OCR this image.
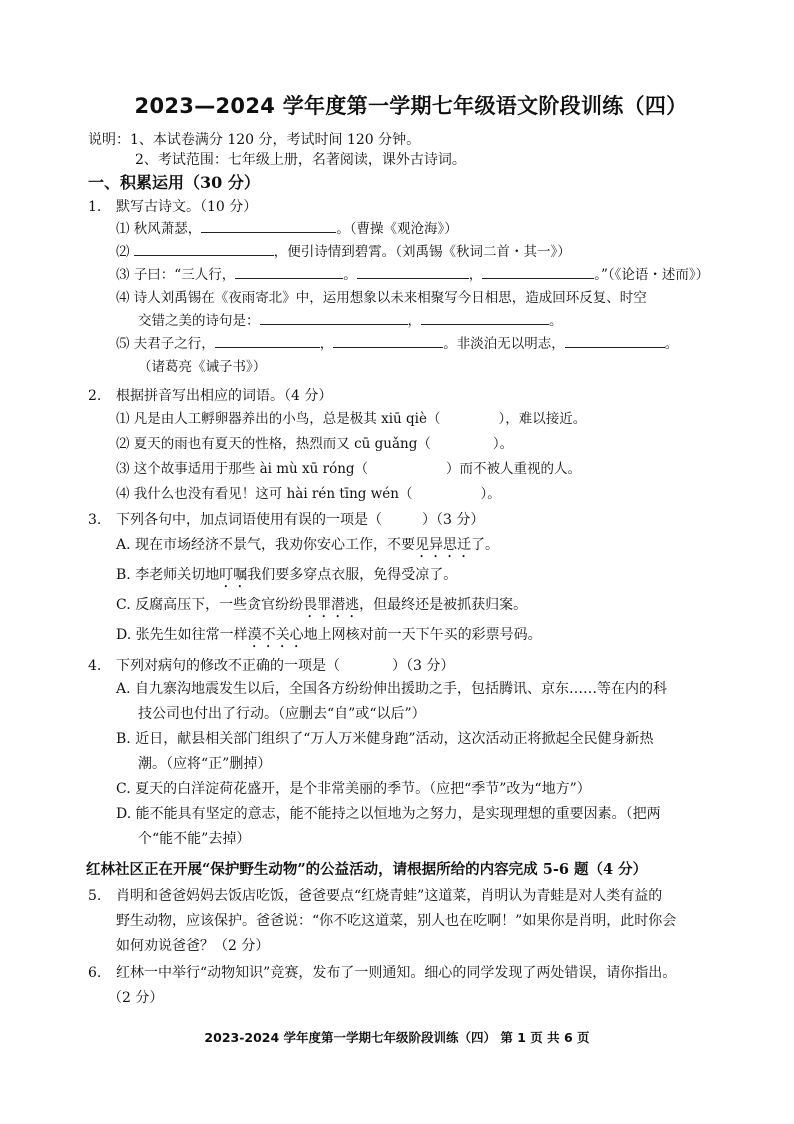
2023—2024 学年度第一学期七年级语文阶段训练（四）
说明：1、本试卷满分 120 分，考试时间 120 分钟。
2、考试范围：七年级上册，名著阅读，课外古诗词。
一、积累运用（30 分）
1.	默写古诗文。（10 分）
⑴ 秋风萧瑟，	。（曹操《观沧海》）
⑵	，便引诗情到碧霄。（刘禹锡《秋词二首・其一》）
⑶ 子曰：“三人行，	。	，	。”（《论语・述而》）
⑷ 诗人刘禹锡在《夜雨寄北》中，运用想象以未来相聚写今日相思，造成回环反复、时空
交错之美的诗句是：	，	。
⑸ 夫君子之行，	，	。非淡泊无以明志，	。
（诸葛亮《诫子书》）
2.	根据拼音写出相应的词语。（4 分）
⑴ 凡是由人工孵卵器养出的小鸟，总是极其 xiū qiè（	），难以接近。
⑵ 夏天的雨也有夏天的性格，热烈而又 cū guǎng（	）。
⑶ 这个故事适用于那些 ài mù xū róng（	）而不被人重视的人。
⑷ 我什么也没有看见！这可 hài rén tīng wén（	）。
3.	下列各句中，加点词语使用有误的一项是（	）（3 分）
A. 现在市场经济不景气，我劝你安心工作，不要见异思迁了。
B. 李老师关切地叮嘱我们要多穿点衣服，免得受凉了。
C. 反腐高压下，一些贪官纷纷畏罪潜逃，但最终还是被抓获归案。
D. 张先生如往常一样漠不关心地上网核对前一天下午买的彩票号码。
4.	下列对病句的修改不正确的一项是（	）（3 分）
A. 自九寨沟地震发生以后，全国各方纷纷伸出援助之手，包括腾讯、京东……等在内的科
技公司也付出了行动。（应删去“自”或“以后”）
B. 近日，献县相关部门组织了“万人万米健身跑”活动，这次活动正将掀起全民健身新热
潮。（应将“正”删掉）
C. 夏天的白洋淀荷花盛开，是个非常美丽的季节。（应把“季节”改为“地方”）
D. 能不能具有坚定的意志，能不能持之以恒地为之努力，是实现理想的重要因素。（把两
个“能不能”去掉）
红林社区正在开展“保护野生动物”的公益活动，请根据所给的内容完成 5-6 题（4 分）
5.	肖明和爸爸妈妈去饭店吃饭，爸爸要点“红烧青蛙”这道菜，肖明认为青蛙是对人类有益的
野生动物，应该保护。爸爸说：“你不吃这道菜，别人也在吃啊！”如果你是肖明，此时你会
如何劝说爸爸？（2 分）
6.	红林一中举行“动物知识”竞赛，发布了一则通知。细心的同学发现了两处错误，请你指出。
（2 分）
2023-2024 学年度第一学期七年级阶段训练（四） 第 1 页 共 6 页
